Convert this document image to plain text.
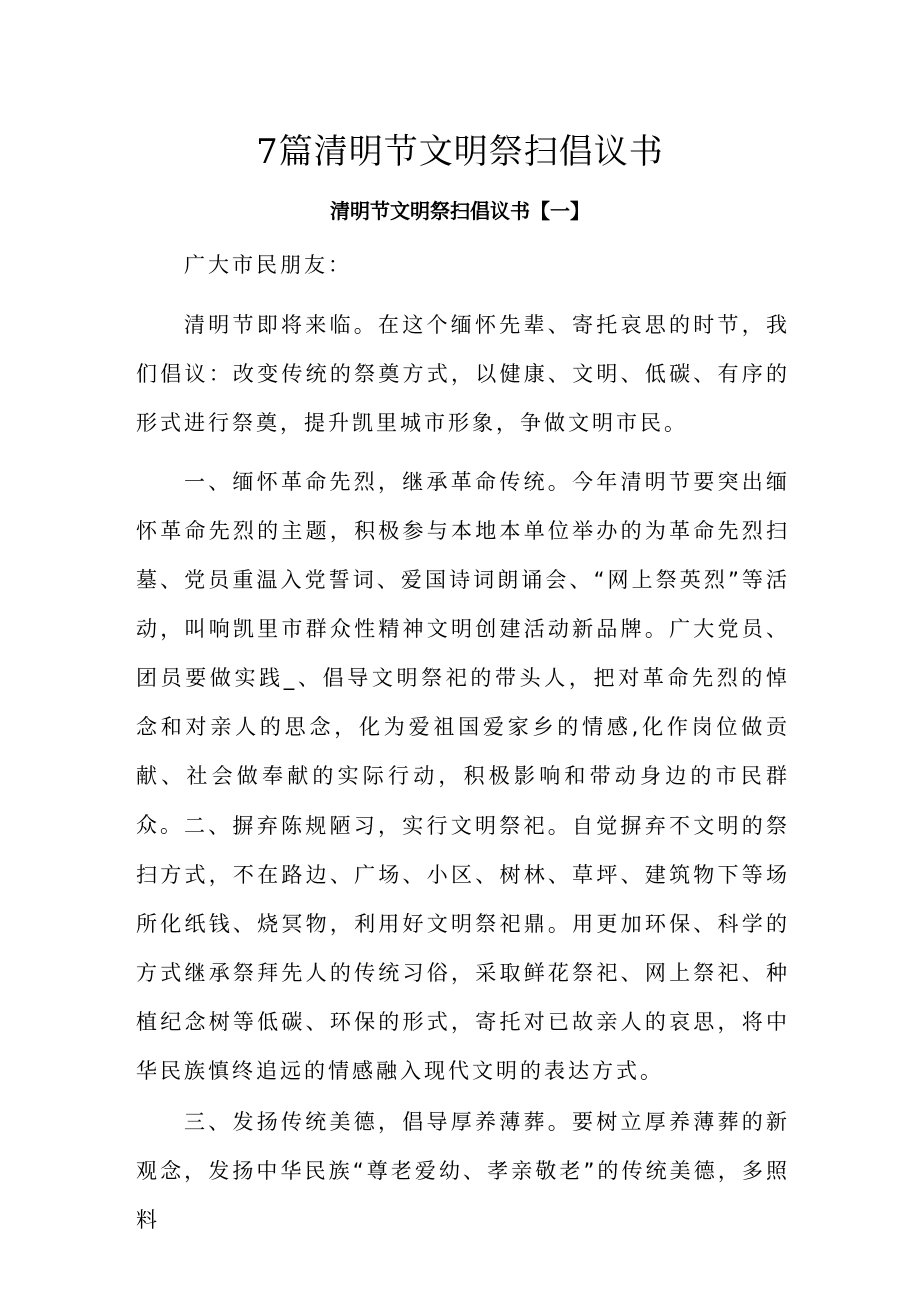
7篇清明节文明祭扫倡议书
清明节文明祭扫倡议书【一】

广大市民朋友：

清明节即将来临。在这个缅怀先辈、寄托哀思的时节，我们倡议：改变传统的祭奠方式，以健康、文明、低碳、有序的形式进行祭奠，提升凯里城市形象，争做文明市民。

一、缅怀革命先烈，继承革命传统。今年清明节要突出缅怀革命先烈的主题，积极参与本地本单位举办的为革命先烈扫墓、党员重温入党誓词、爱国诗词朗诵会、“网上祭英烈”等活动，叫响凯里市群众性精神文明创建活动新品牌。广大党员、团员要做实践_、倡导文明祭祀的带头人，把对革命先烈的悼念和对亲人的思念，化为爱祖国爱家乡的情感,化作岗位做贡献、社会做奉献的实际行动，积极影响和带动身边的市民群众。 二、摒弃陈规陋习，实行文明祭祀。自觉摒弃不文明的祭扫方式，不在路边、广场、小区、树林、草坪、建筑物下等场所化纸钱、烧冥物，利用好文明祭祀鼎。用更加环保、科学的方式继承祭拜先人的传统习俗，采取鲜花祭祀、网上祭祀、种植纪念树等低碳、环保的形式，寄托对已故亲人的哀思，将中华民族慎终追远的情感融入现代文明的表达方式。

三、发扬传统美德，倡导厚养薄葬。要树立厚养薄葬的新观念，发扬中华民族“尊老爱幼、孝亲敬老”的传统美德，多照料
